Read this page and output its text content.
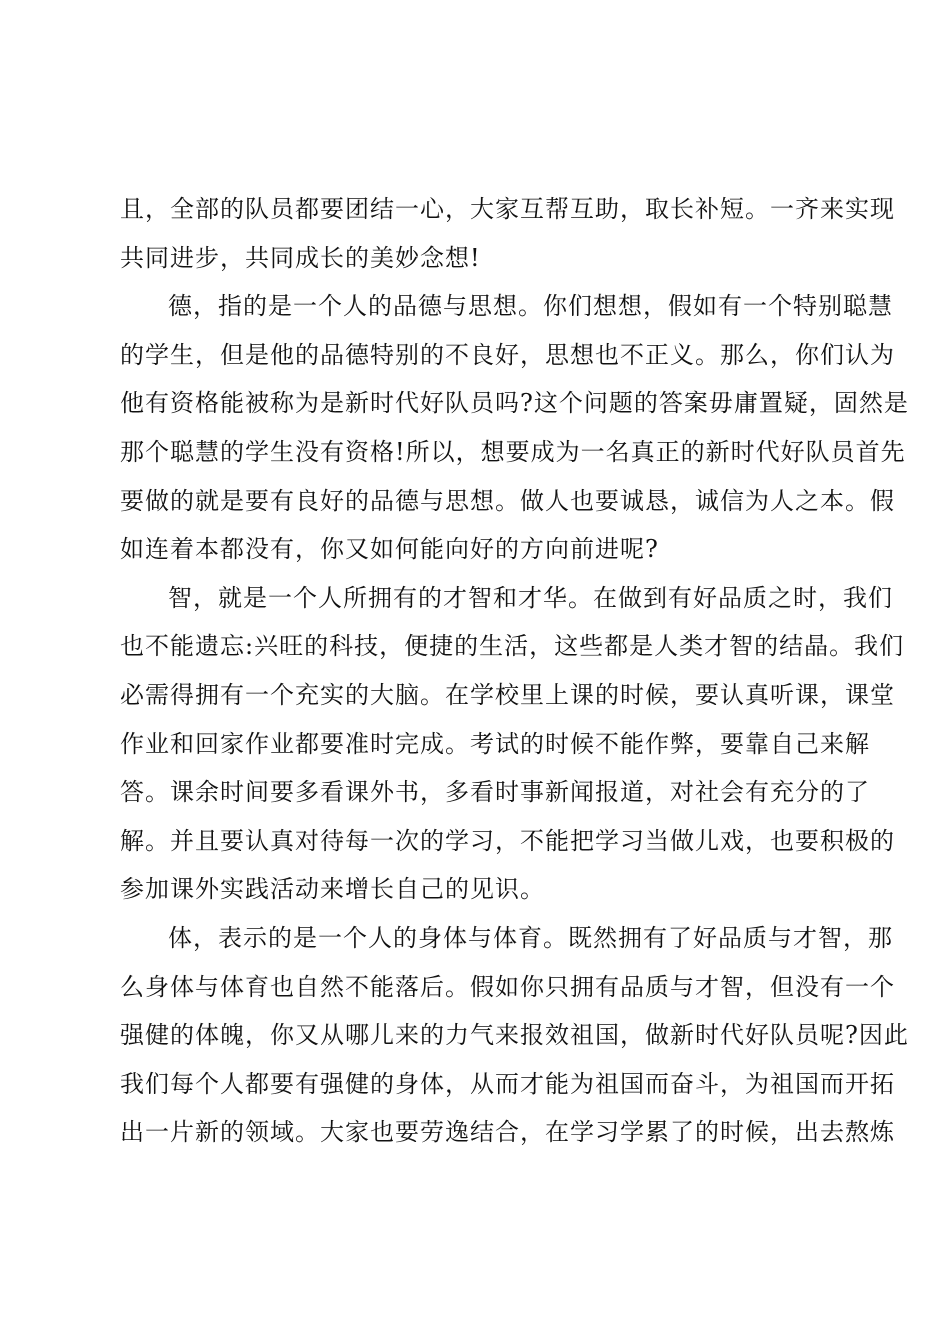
且，全部的队员都要团结一心，大家互帮互助，取长补短。一齐来实现
共同进步，共同成长的美妙念想!
德，指的是一个人的品德与思想。你们想想，假如有一个特别聪慧
的学生，但是他的品德特别的不良好，思想也不正义。那么，你们认为
他有资格能被称为是新时代好队员吗?这个问题的答案毋庸置疑，固然是
那个聪慧的学生没有资格!所以，想要成为一名真正的新时代好队员首先
要做的就是要有良好的品德与思想。做人也要诚恳，诚信为人之本。假
如连着本都没有，你又如何能向好的方向前进呢?
智，就是一个人所拥有的才智和才华。在做到有好品质之时，我们
也不能遗忘:兴旺的科技，便捷的生活，这些都是人类才智的结晶。我们
必需得拥有一个充实的大脑。在学校里上课的时候，要认真听课，课堂
作业和回家作业都要准时完成。考试的时候不能作弊，要靠自己来解
答。课余时间要多看课外书，多看时事新闻报道，对社会有充分的了
解。并且要认真对待每一次的学习，不能把学习当做儿戏，也要积极的
参加课外实践活动来增长自己的见识。
体，表示的是一个人的身体与体育。既然拥有了好品质与才智，那
么身体与体育也自然不能落后。假如你只拥有品质与才智，但没有一个
强健的体魄，你又从哪儿来的力气来报效祖国，做新时代好队员呢?因此
我们每个人都要有强健的身体，从而才能为祖国而奋斗，为祖国而开拓
出一片新的领域。大家也要劳逸结合，在学习学累了的时候，出去熬炼
